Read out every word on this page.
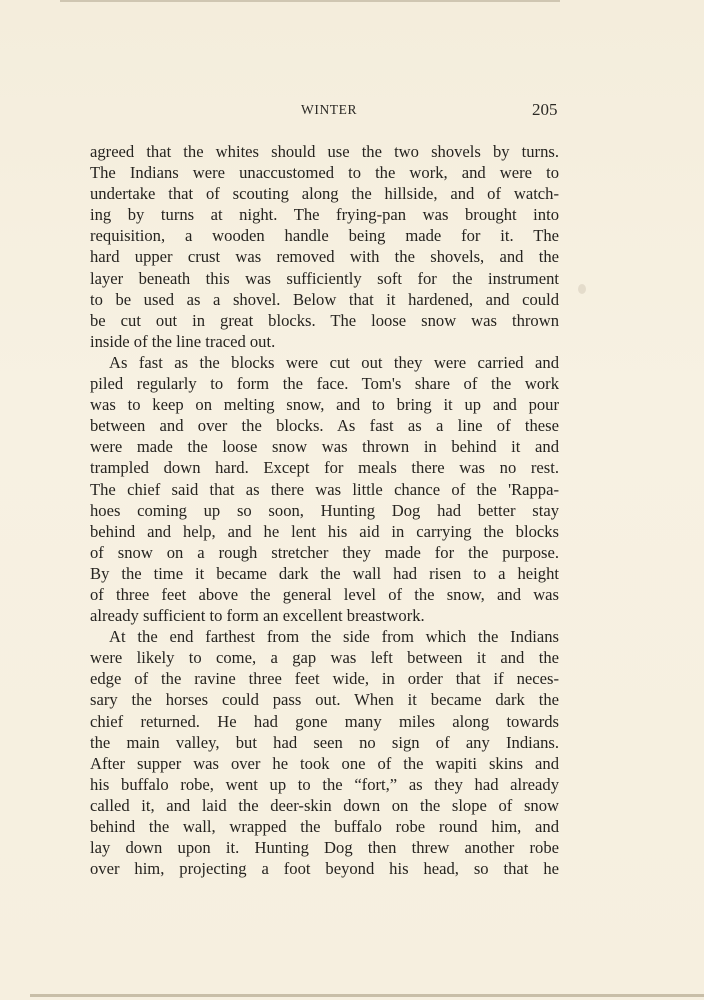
WINTER	205
agreed that the whites should use the two shovels by turns.
The Indians were unaccustomed to the work, and were to
undertake that of scouting along the hillside, and of watch-
ing by turns at night. The frying-pan was brought into
requisition, a wooden handle being made for it. The
hard upper crust was removed with the shovels, and the
layer beneath this was sufficiently soft for the instrument
to be used as a shovel. Below that it hardened, and could
be cut out in great blocks. The loose snow was thrown
inside of the line traced out.
As fast as the blocks were cut out they were carried and
piled regularly to form the face. Tom's share of the work
was to keep on melting snow, and to bring it up and pour
between and over the blocks. As fast as a line of these
were made the loose snow was thrown in behind it and
trampled down hard. Except for meals there was no rest.
The chief said that as there was little chance of the 'Rappa-
hoes coming up so soon, Hunting Dog had better stay
behind and help, and he lent his aid in carrying the blocks
of snow on a rough stretcher they made for the purpose.
By the time it became dark the wall had risen to a height
of three feet above the general level of the snow, and was
already sufficient to form an excellent breastwork.
At the end farthest from the side from which the Indians
were likely to come, a gap was left between it and the
edge of the ravine three feet wide, in order that if neces-
sary the horses could pass out. When it became dark the
chief returned. He had gone many miles along towards
the main valley, but had seen no sign of any Indians.
After supper was over he took one of the wapiti skins and
his buffalo robe, went up to the “fort,” as they had already
called it, and laid the deer-skin down on the slope of snow
behind the wall, wrapped the buffalo robe round him, and
lay down upon it. Hunting Dog then threw another robe
over him, projecting a foot beyond his head, so that he
